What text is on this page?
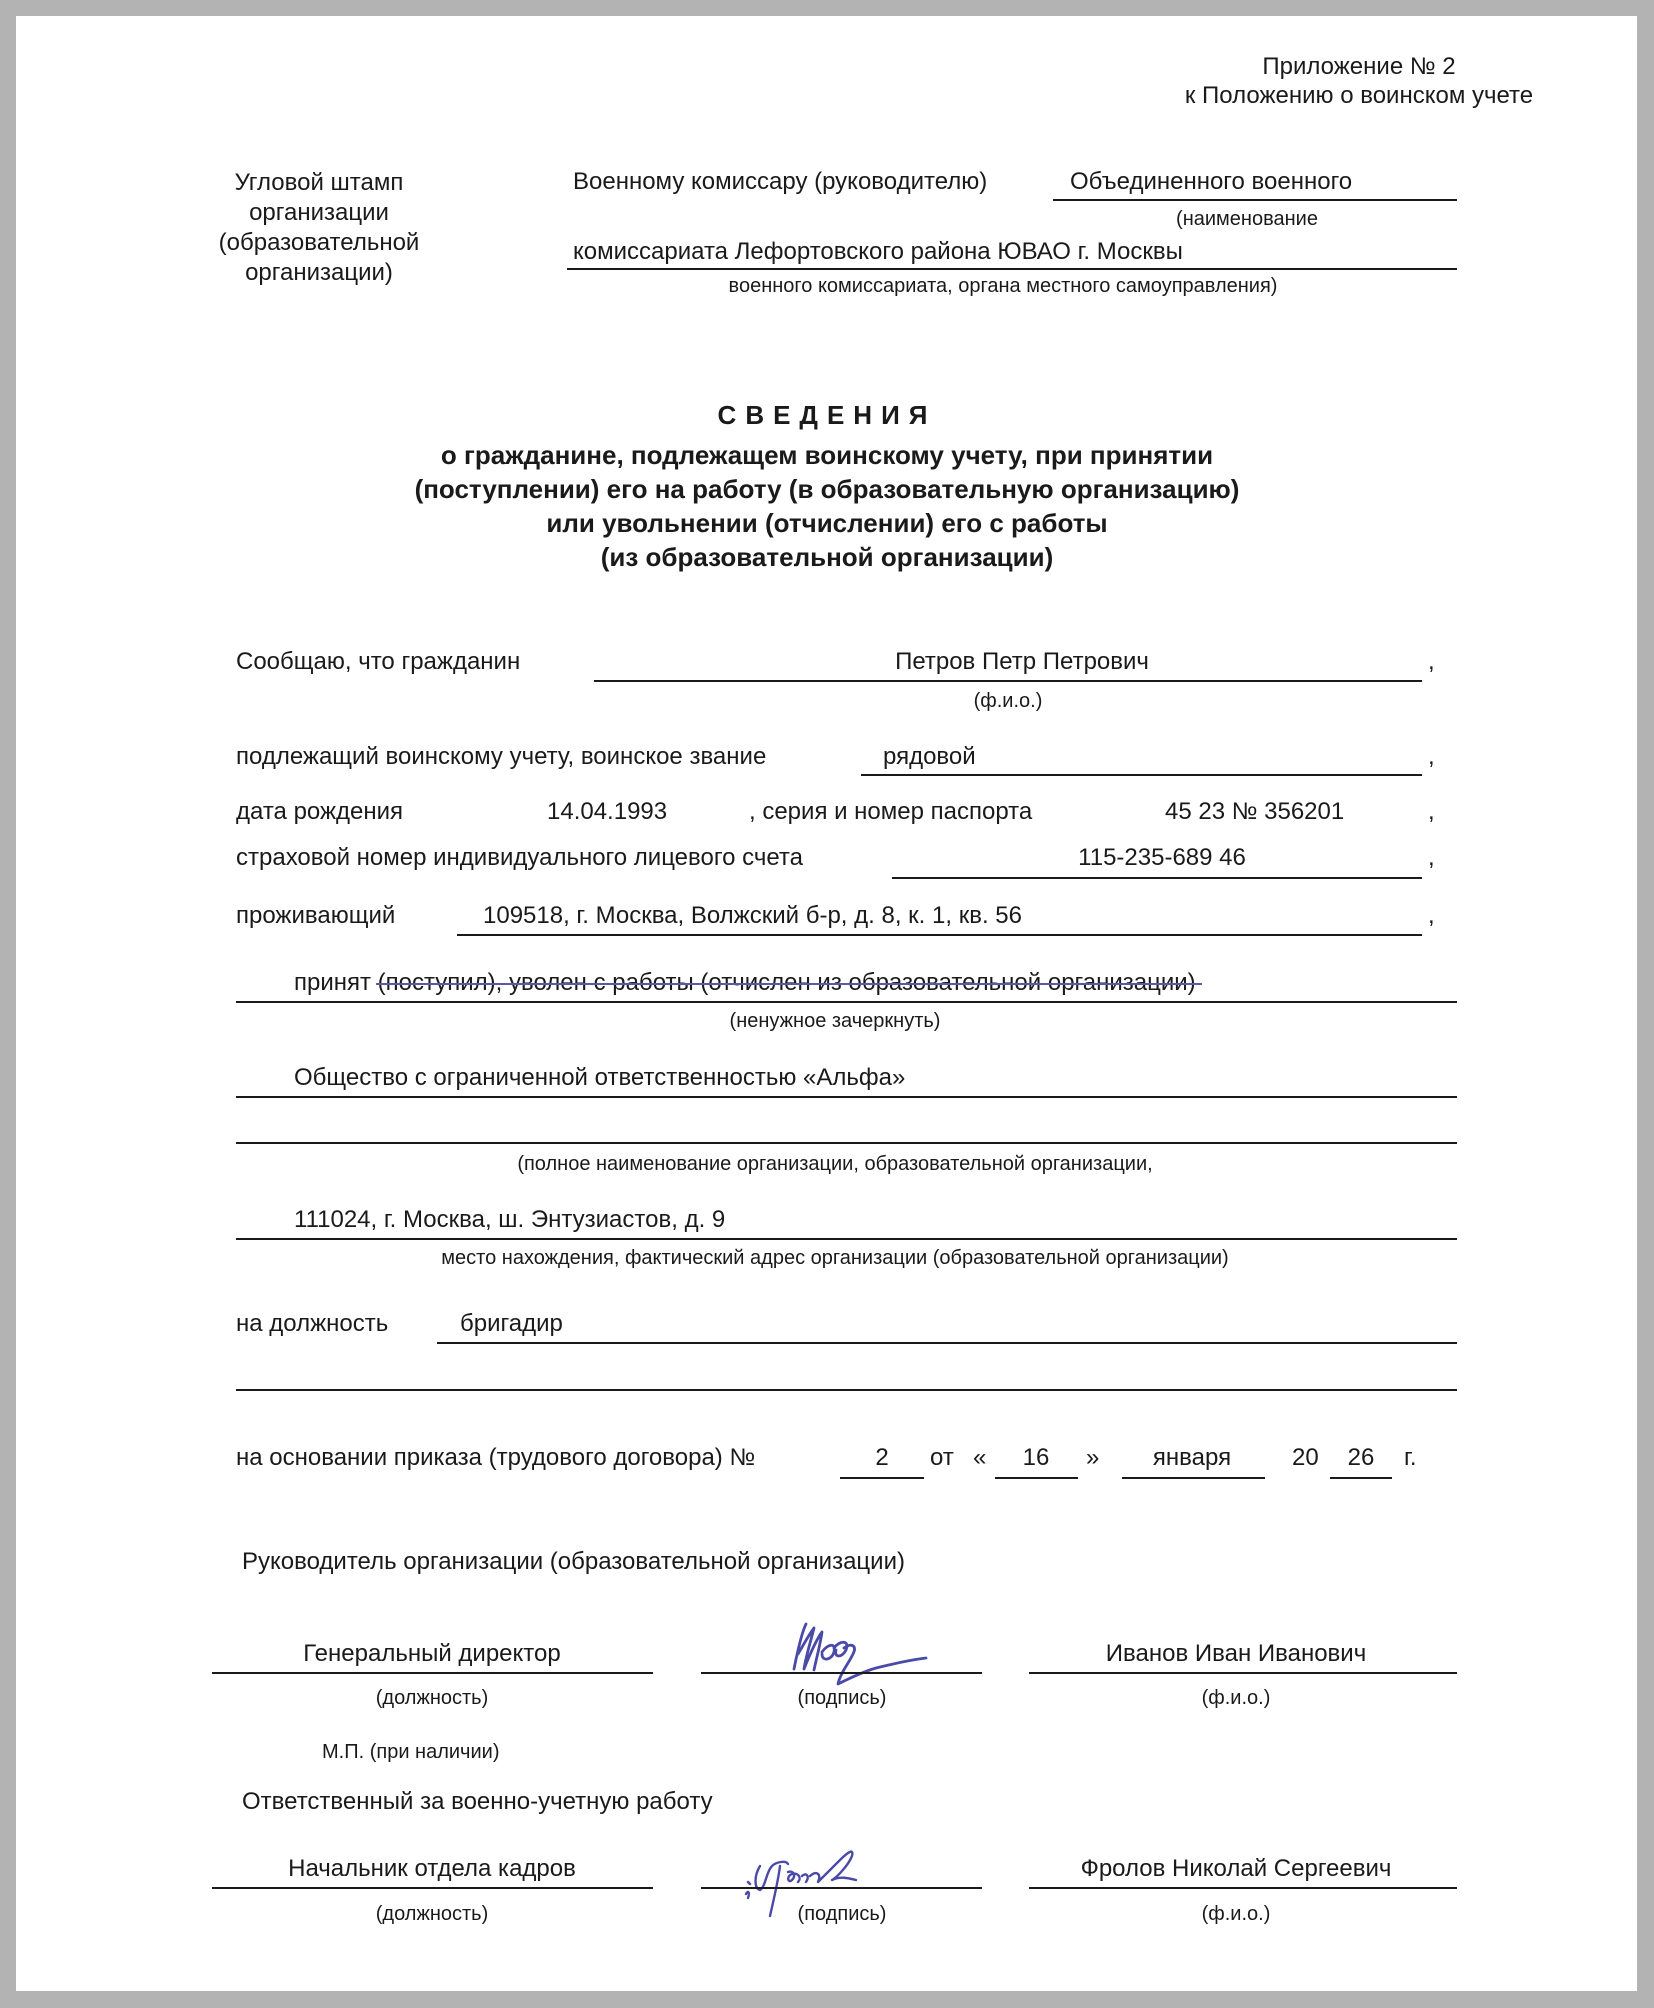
Приложение № 2
к Положению о воинском учете
Угловой штамп
организации
(образовательной
организации)
Военному комиссару (руководителю)	Объединенного военного
(наименование
комиссариата Лефортовского района ЮВАО г. Москвы
военного комиссариата, органа местного самоуправления)
СВЕДЕНИЯ
о гражданине, подлежащем воинскому учету, при принятии
(поступлении) его на работу (в образовательную организацию)
или увольнении (отчислении) его с работы
(из образовательной организации)
Сообщаю, что гражданин	Петров Петр Петрович	,
(ф.и.о.)
подлежащий воинскому учету, воинское звание	рядовой	,
дата рождения	14.04.1993	, серия и номер паспорта	45 23 № 356201	,
страховой номер индивидуального лицевого счета	115-235-689 46	,
проживающий	109518, г. Москва, Волжский б-р, д. 8, к. 1, кв. 56	,
принят (поступил), уволен с работы (отчислен из образовательной организации)
(ненужное зачеркнуть)
Общество с ограниченной ответственностью «Альфа»
(полное наименование организации, образовательной организации,
111024, г. Москва, ш. Энтузиастов, д. 9
место нахождения, фактический адрес организации (образовательной организации)
на должность	бригадир
на основании приказа (трудового договора) №	2 от « 16 » января	20 26 г.
Руководитель организации (образовательной организации)
Генеральный директор
(должность)	(подпись)
Иванов Иван Иванович
(ф.и.о.)
М.П. (при наличии)
Ответственный за военно-учетную работу
Начальник отдела кадров
(должность)	(подпись)
Фролов Николай Сергеевич
(ф.и.о.)
